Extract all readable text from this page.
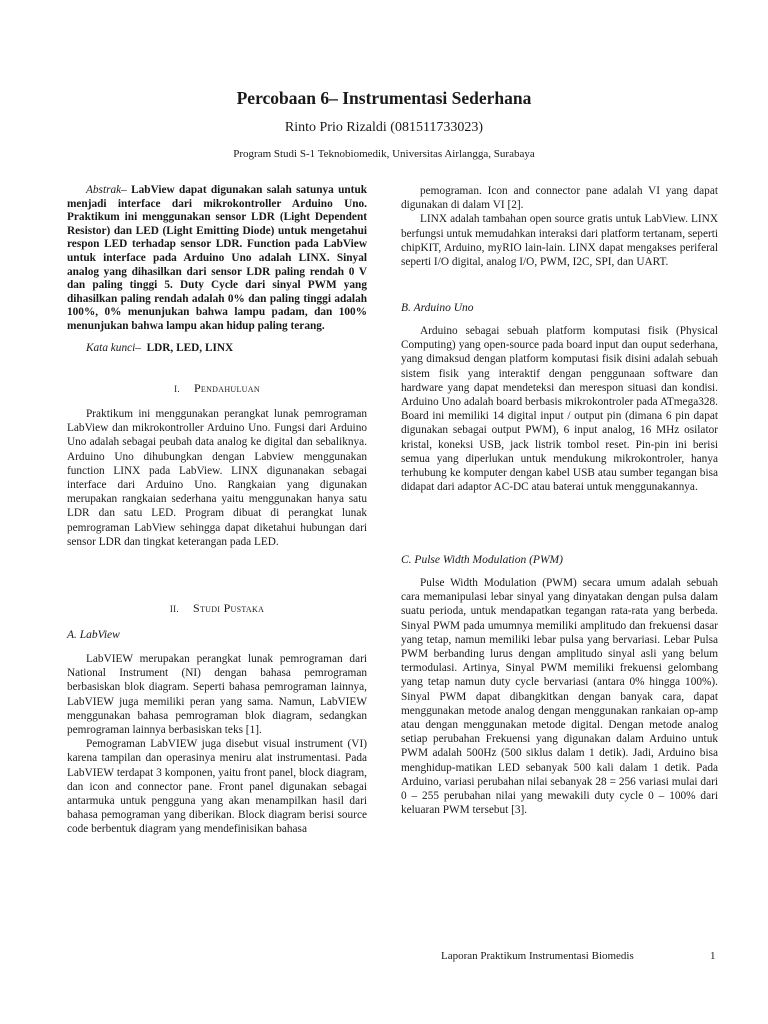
Percobaan 6– Instrumentasi Sederhana
Rinto Prio Rizaldi (081511733023)
Program Studi S-1 Teknobiomedik, Universitas Airlangga, Surabaya

Abstrak– LabView dapat digunakan salah satunya untuk menjadi interface dari mikrokontroller Arduino Uno. Praktikum ini menggunakan sensor LDR (Light Dependent Resistor) dan LED (Light Emitting Diode) untuk mengetahui respon LED terhadap sensor LDR. Function pada LabView untuk interface pada Arduino Uno adalah LINX. Sinyal analog yang dihasilkan dari sensor LDR paling rendah 0 V dan paling tinggi 5. Duty Cycle dari sinyal PWM yang dihasilkan paling rendah adalah 0% dan paling tinggi adalah 100%, 0% menunjukan bahwa lampu padam, dan 100% menunjukan bahwa lampu akan hidup paling terang.

Kata kunci– LDR, LED, LINX

I. Pendahuluan

Praktikum ini menggunakan perangkat lunak pemrograman LabView dan mikrokontroller Arduino Uno. Fungsi dari Arduino Uno adalah sebagai peubah data analog ke digital dan sebaliknya. Arduino Uno dihubungkan dengan Labview menggunakan function LINX pada LabView. LINX digunanakan sebagai interface dari Arduino Uno. Rangkaian yang digunakan merupakan rangkaian sederhana yaitu menggunakan hanya satu LDR dan satu LED. Program dibuat di perangkat lunak pemrograman LabView sehingga dapat diketahui hubungan dari sensor LDR dan tingkat keterangan pada LED.

II. Studi Pustaka
A. LabView

LabVIEW merupakan perangkat lunak pemrograman dari National Instrument (NI) dengan bahasa pemrograman berbasiskan blok diagram. Seperti bahasa pemrograman lainnya, LabVIEW juga memiliki peran yang sama. Namun, LabVIEW menggunakan bahasa pemrograman blok diagram, sedangkan pemrograman lainnya berbasiskan teks [1].

Pemograman LabVIEW juga disebut visual instrument (VI) karena tampilan dan operasinya meniru alat instrumentasi. Pada LabVIEW terdapat 3 komponen, yaitu front panel, block diagram, dan icon and connector pane. Front panel digunakan sebagai antarmuka untuk pengguna yang akan menampilkan hasil dari bahasa pemograman yang diberikan. Block diagram berisi source code berbentuk diagram yang mendefinisikan bahasa

pemograman. Icon and connector pane adalah VI yang dapat digunakan di dalam VI [2].

LINX adalah tambahan open source gratis untuk LabView. LINX berfungsi untuk memudahkan interaksi dari platform tertanam, seperti chipKIT, Arduino, myRIO lain-lain. LINX dapat mengakses periferal seperti I/O digital, analog I/O, PWM, I2C, SPI, dan UART.

B. Arduino Uno

Arduino sebagai sebuah platform komputasi fisik (Physical Computing) yang open-source pada board input dan ouput sederhana, yang dimaksud dengan platform komputasi fisik disini adalah sebuah sistem fisik yang interaktif dengan penggunaan software dan hardware yang dapat mendeteksi dan merespon situasi dan kondisi. Arduino Uno adalah board berbasis mikrokontroler pada ATmega328. Board ini memiliki 14 digital input / output pin (dimana 6 pin dapat digunakan sebagai output PWM), 6 input analog, 16 MHz osilator kristal, koneksi USB, jack listrik tombol reset. Pin-pin ini berisi semua yang diperlukan untuk mendukung mikrokontroler, hanya terhubung ke komputer dengan kabel USB atau sumber tegangan bisa didapat dari adaptor AC-DC atau baterai untuk menggunakannya.

C. Pulse Width Modulation (PWM)

Pulse Width Modulation (PWM) secara umum adalah sebuah cara memanipulasi lebar sinyal yang dinyatakan dengan pulsa dalam suatu perioda, untuk mendapatkan tegangan rata-rata yang berbeda. Sinyal PWM pada umumnya memiliki amplitudo dan frekuensi dasar yang tetap, namun memiliki lebar pulsa yang bervariasi. Lebar Pulsa PWM berbanding lurus dengan amplitudo sinyal asli yang belum termodulasi. Artinya, Sinyal PWM memiliki frekuensi gelombang yang tetap namun duty cycle bervariasi (antara 0% hingga 100%). Sinyal PWM dapat dibangkitkan dengan banyak cara, dapat menggunakan metode analog dengan menggunakan rankaian op-amp atau dengan menggunakan metode digital. Dengan metode analog setiap perubahan Frekuensi yang digunakan dalam Arduino untuk PWM adalah 500Hz (500 siklus dalam 1 detik). Jadi, Arduino bisa menghidup-matikan LED sebanyak 500 kali dalam 1 detik. Pada Arduino, variasi perubahan nilai sebanyak 28 = 256 variasi mulai dari 0 – 255 perubahan nilai yang mewakili duty cycle 0 – 100% dari keluaran PWM tersebut [3].

Laporan Praktikum Instrumentasi Biomedis	1
